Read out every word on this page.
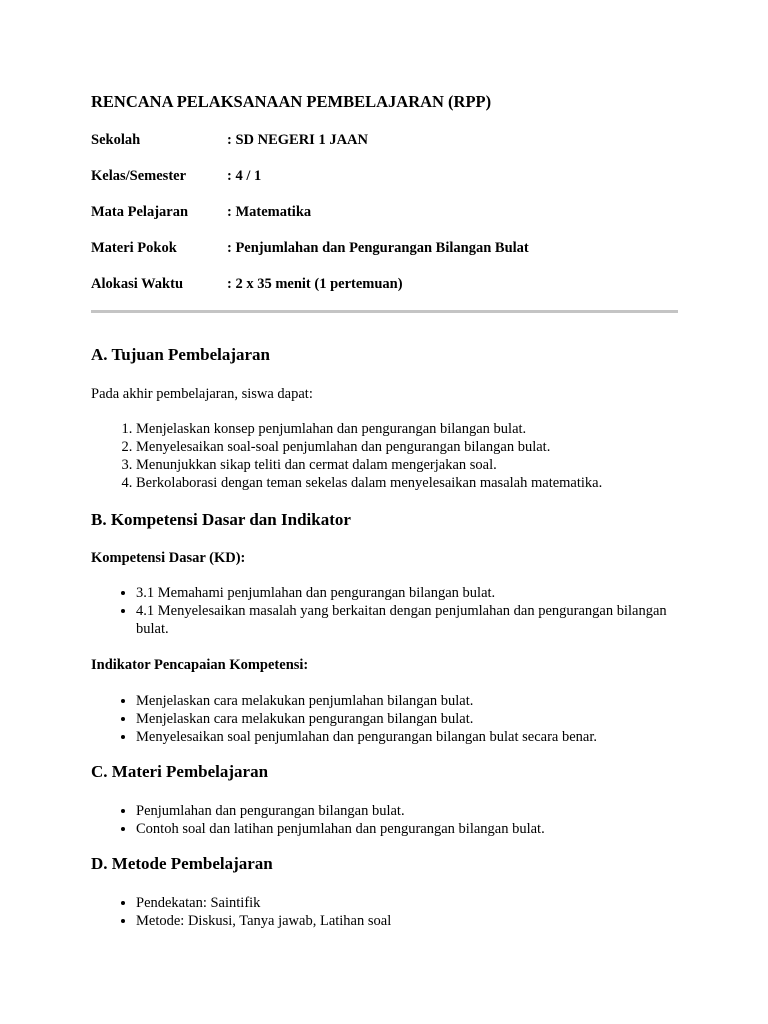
RENCANA PELAKSANAAN PEMBELAJARAN (RPP)
Sekolah	: SD NEGERI 1 JAAN
Kelas/Semester	: 4 / 1
Mata Pelajaran	: Matematika
Materi Pokok	: Penjumlahan dan Pengurangan Bilangan Bulat
Alokasi Waktu	: 2 x 35 menit (1 pertemuan)
A. Tujuan Pembelajaran
Pada akhir pembelajaran, siswa dapat:
1. Menjelaskan konsep penjumlahan dan pengurangan bilangan bulat.
2. Menyelesaikan soal-soal penjumlahan dan pengurangan bilangan bulat.
3. Menunjukkan sikap teliti dan cermat dalam mengerjakan soal.
4. Berkolaborasi dengan teman sekelas dalam menyelesaikan masalah matematika.
B. Kompetensi Dasar dan Indikator
Kompetensi Dasar (KD):
• 3.1 Memahami penjumlahan dan pengurangan bilangan bulat.
• 4.1 Menyelesaikan masalah yang berkaitan dengan penjumlahan dan pengurangan bilangan bulat.
Indikator Pencapaian Kompetensi:
• Menjelaskan cara melakukan penjumlahan bilangan bulat.
• Menjelaskan cara melakukan pengurangan bilangan bulat.
• Menyelesaikan soal penjumlahan dan pengurangan bilangan bulat secara benar.
C. Materi Pembelajaran
• Penjumlahan dan pengurangan bilangan bulat.
• Contoh soal dan latihan penjumlahan dan pengurangan bilangan bulat.
D. Metode Pembelajaran
• Pendekatan: Saintifik
• Metode: Diskusi, Tanya jawab, Latihan soal
